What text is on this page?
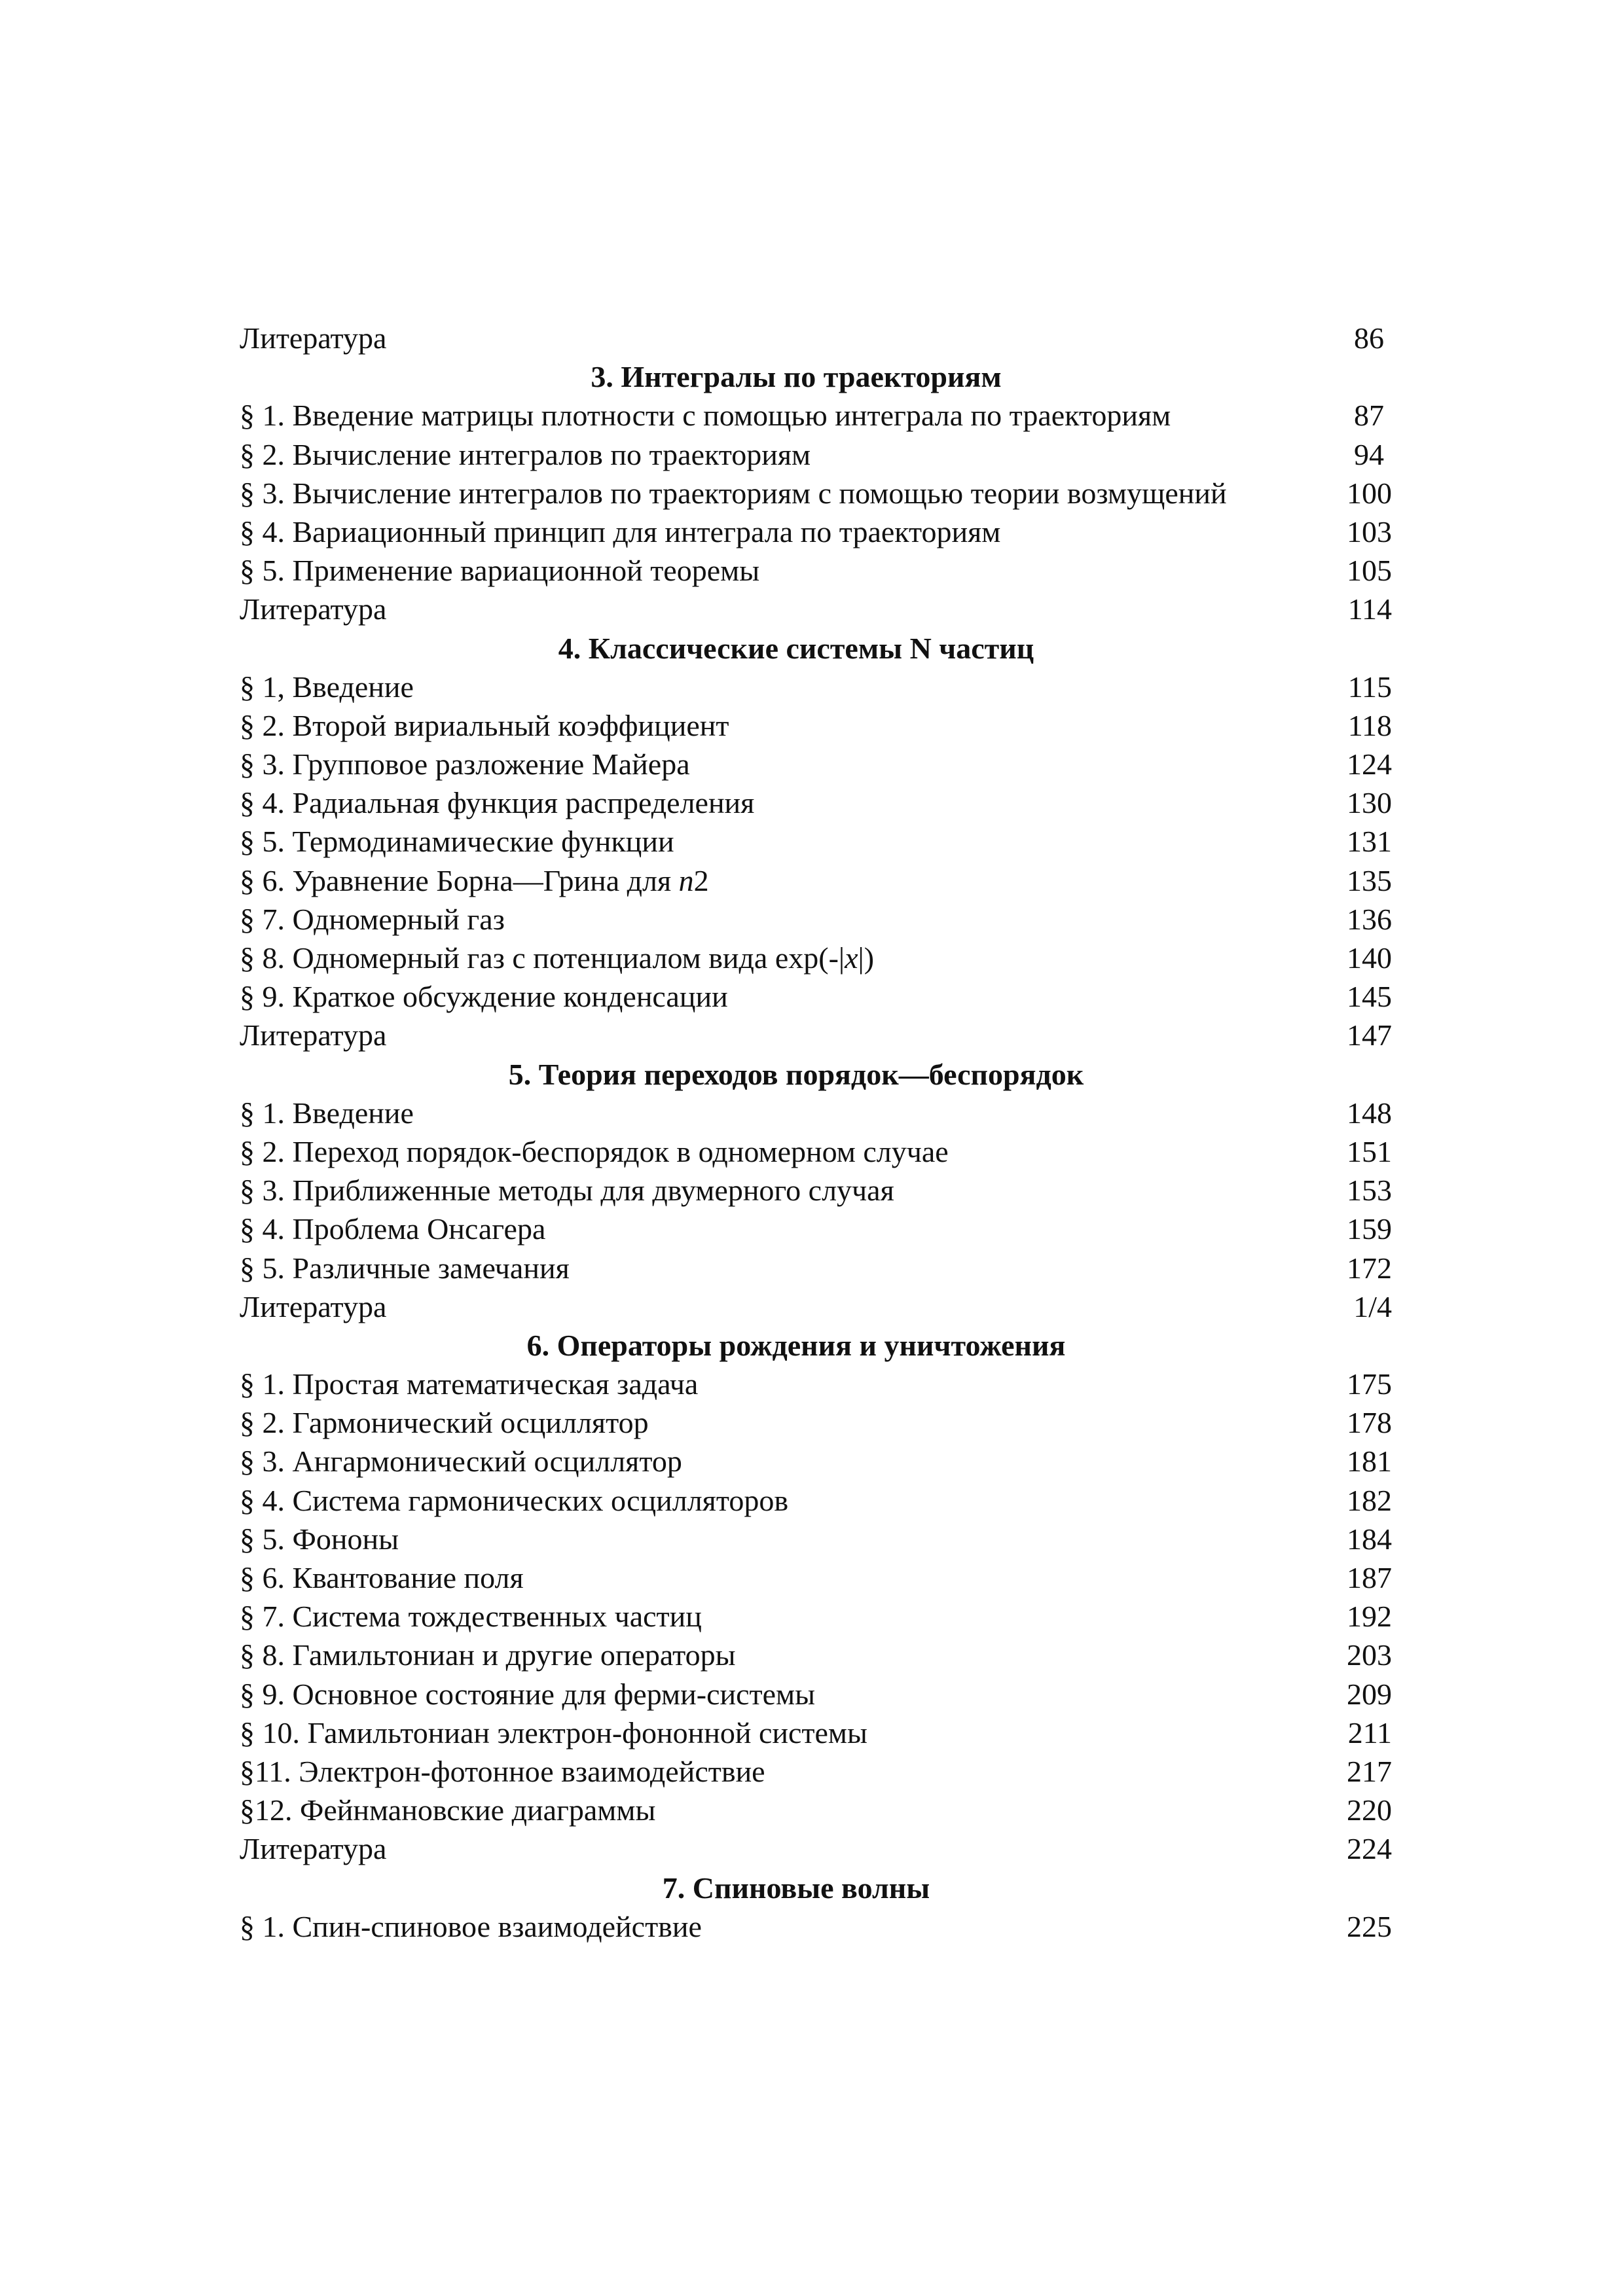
Литература	86
3. Интегралы по траекториям
§ 1. Введение матрицы плотности с помощью интеграла по траекториям	87
§ 2. Вычисление интегралов по траекториям	94
§ 3. Вычисление интегралов по траекториям с помощью теории возмущений	100
§ 4. Вариационный принцип для интеграла по траекториям	103
§ 5. Применение вариационной теоремы	105
Литература	114
4. Классические системы N частиц
§ 1, Введение	115
§ 2. Второй вириальный коэффициент	118
§ 3. Групповое разложение Майера	124
§ 4. Радиальная функция распределения	130
§ 5. Термодинамические функции	131
§ 6. Уравнение Борна—Грина для n2	135
§ 7. Одномерный газ	136
§ 8. Одномерный газ с потенциалом вида exp(-|x|)	140
§ 9. Краткое обсуждение конденсации	145
Литература	147
5. Теория переходов порядок—беспорядок
§ 1. Введение	148
§ 2. Переход порядок-беспорядок в одномерном случае	151
§ 3. Приближенные методы для двумерного случая	153
§ 4. Проблема Онсагера	159
§ 5. Различные замечания	172
Литература	1/4
6. Операторы рождения и уничтожения
§ 1. Простая математическая задача	175
§ 2. Гармонический осциллятор	178
§ 3. Ангармонический осциллятор	181
§ 4. Система гармонических осцилляторов	182
§ 5. Фононы	184
§ 6. Квантование поля	187
§ 7. Система тождественных частиц	192
§ 8. Гамильтониан и другие операторы	203
§ 9. Основное состояние для ферми-системы	209
§ 10. Гамильтониан электрон-фононной системы	211
§11. Электрон-фотонное взаимодействие	217
§12. Фейнмановские диаграммы	220
Литература	224
7. Спиновые волны
§ 1. Спин-спиновое взаимодействие	225
